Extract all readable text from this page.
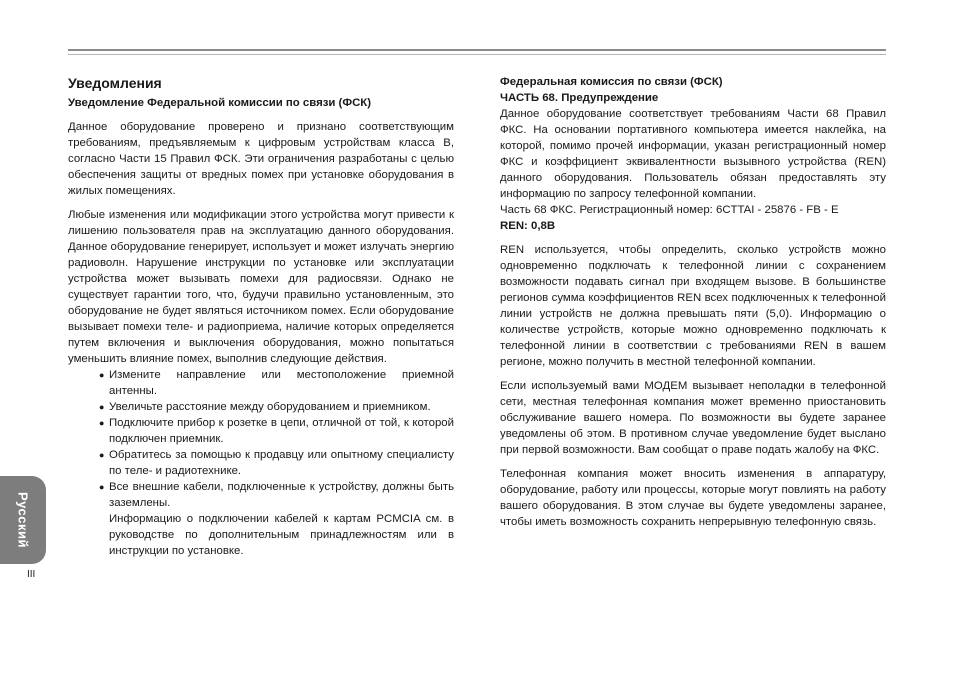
Уведомления
Уведомление Федеральной комиссии по связи (ФСК)

Данное оборудование проверено и признано соответствующим требованиям, предъявляемым к цифровым устройствам класса B, согласно Части 15 Правил ФСК. Эти ограничения разработаны с целью обеспечения защиты от вредных помех при установке оборудования в жилых помещениях.

Любые изменения или модификации этого устройства могут привести к лишению пользователя прав на эксплуатацию данного оборудования. Данное оборудование генерирует, использует и может излучать энергию радиоволн. Нарушение инструкции по установке или эксплуатации устройства может вызывать помехи для радиосвязи. Однако не существует гарантии того, что, будучи правильно установленным, это оборудование не будет являться источником помех. Если оборудование вызывает помехи теле- и радиоприема, наличие которых определяется путем включения и выключения оборудования, можно попытаться уменьшить влияние помех, выполнив следующие действия.

● Измените направление или местоположение приемной антенны.
● Увеличьте расстояние между оборудованием и приемником.
● Подключите прибор к розетке в цепи, отличной от той, к которой подключен приемник.
● Обратитесь за помощью к продавцу или опытному специалисту по теле- и радиотехнике.
● Все внешние кабели, подключенные к устройству, должны быть заземлены.
Информацию о подключении кабелей к картам PCMCIA см. в руководстве по дополнительным принадлежностям или в инструкции по установке.
Федеральная комиссия по связи (ФСК)
ЧАСТЬ 68. Предупреждение

Данное оборудование соответствует требованиям Части 68 Правил ФКС. На основании портативного компьютера имеется наклейка, на которой, помимо прочей информации, указан регистрационный номер ФКС и коэффициент эквивалентности вызывного устройства (REN) данного оборудования. Пользователь обязан предоставлять эту информацию по запросу телефонной компании.

Часть 68 ФКС. Регистрационный номер: 6CTTAI - 25876 - FB - E
REN: 0,8B

REN используется, чтобы определить, сколько устройств можно одновременно подключать к телефонной линии с сохранением возможности подавать сигнал при входящем вызове. В большинстве регионов сумма коэффициентов REN всех подключенных к телефонной линии устройств не должна превышать пяти (5,0). Информацию о количестве устройств, которые можно одновременно подключать к телефонной линии в соответствии с требованиями REN в вашем регионе, можно получить в местной телефонной компании.

Если используемый вами МОДЕМ вызывает неполадки в телефонной сети, местная телефонная компания может временно приостановить обслуживание вашего номера. По возможности вы будете заранее уведомлены об этом. В противном случае уведомление будет выслано при первой возможности. Вам сообщат о праве подать жалобу на ФКС.

Телефонная компания может вносить изменения в аппаратуру, оборудование, работу или процессы, которые могут повлиять на работу вашего оборудования. В этом случае вы будете уведомлены заранее, чтобы иметь возможность сохранить непрерывную телефонную связь.

Русский
III
